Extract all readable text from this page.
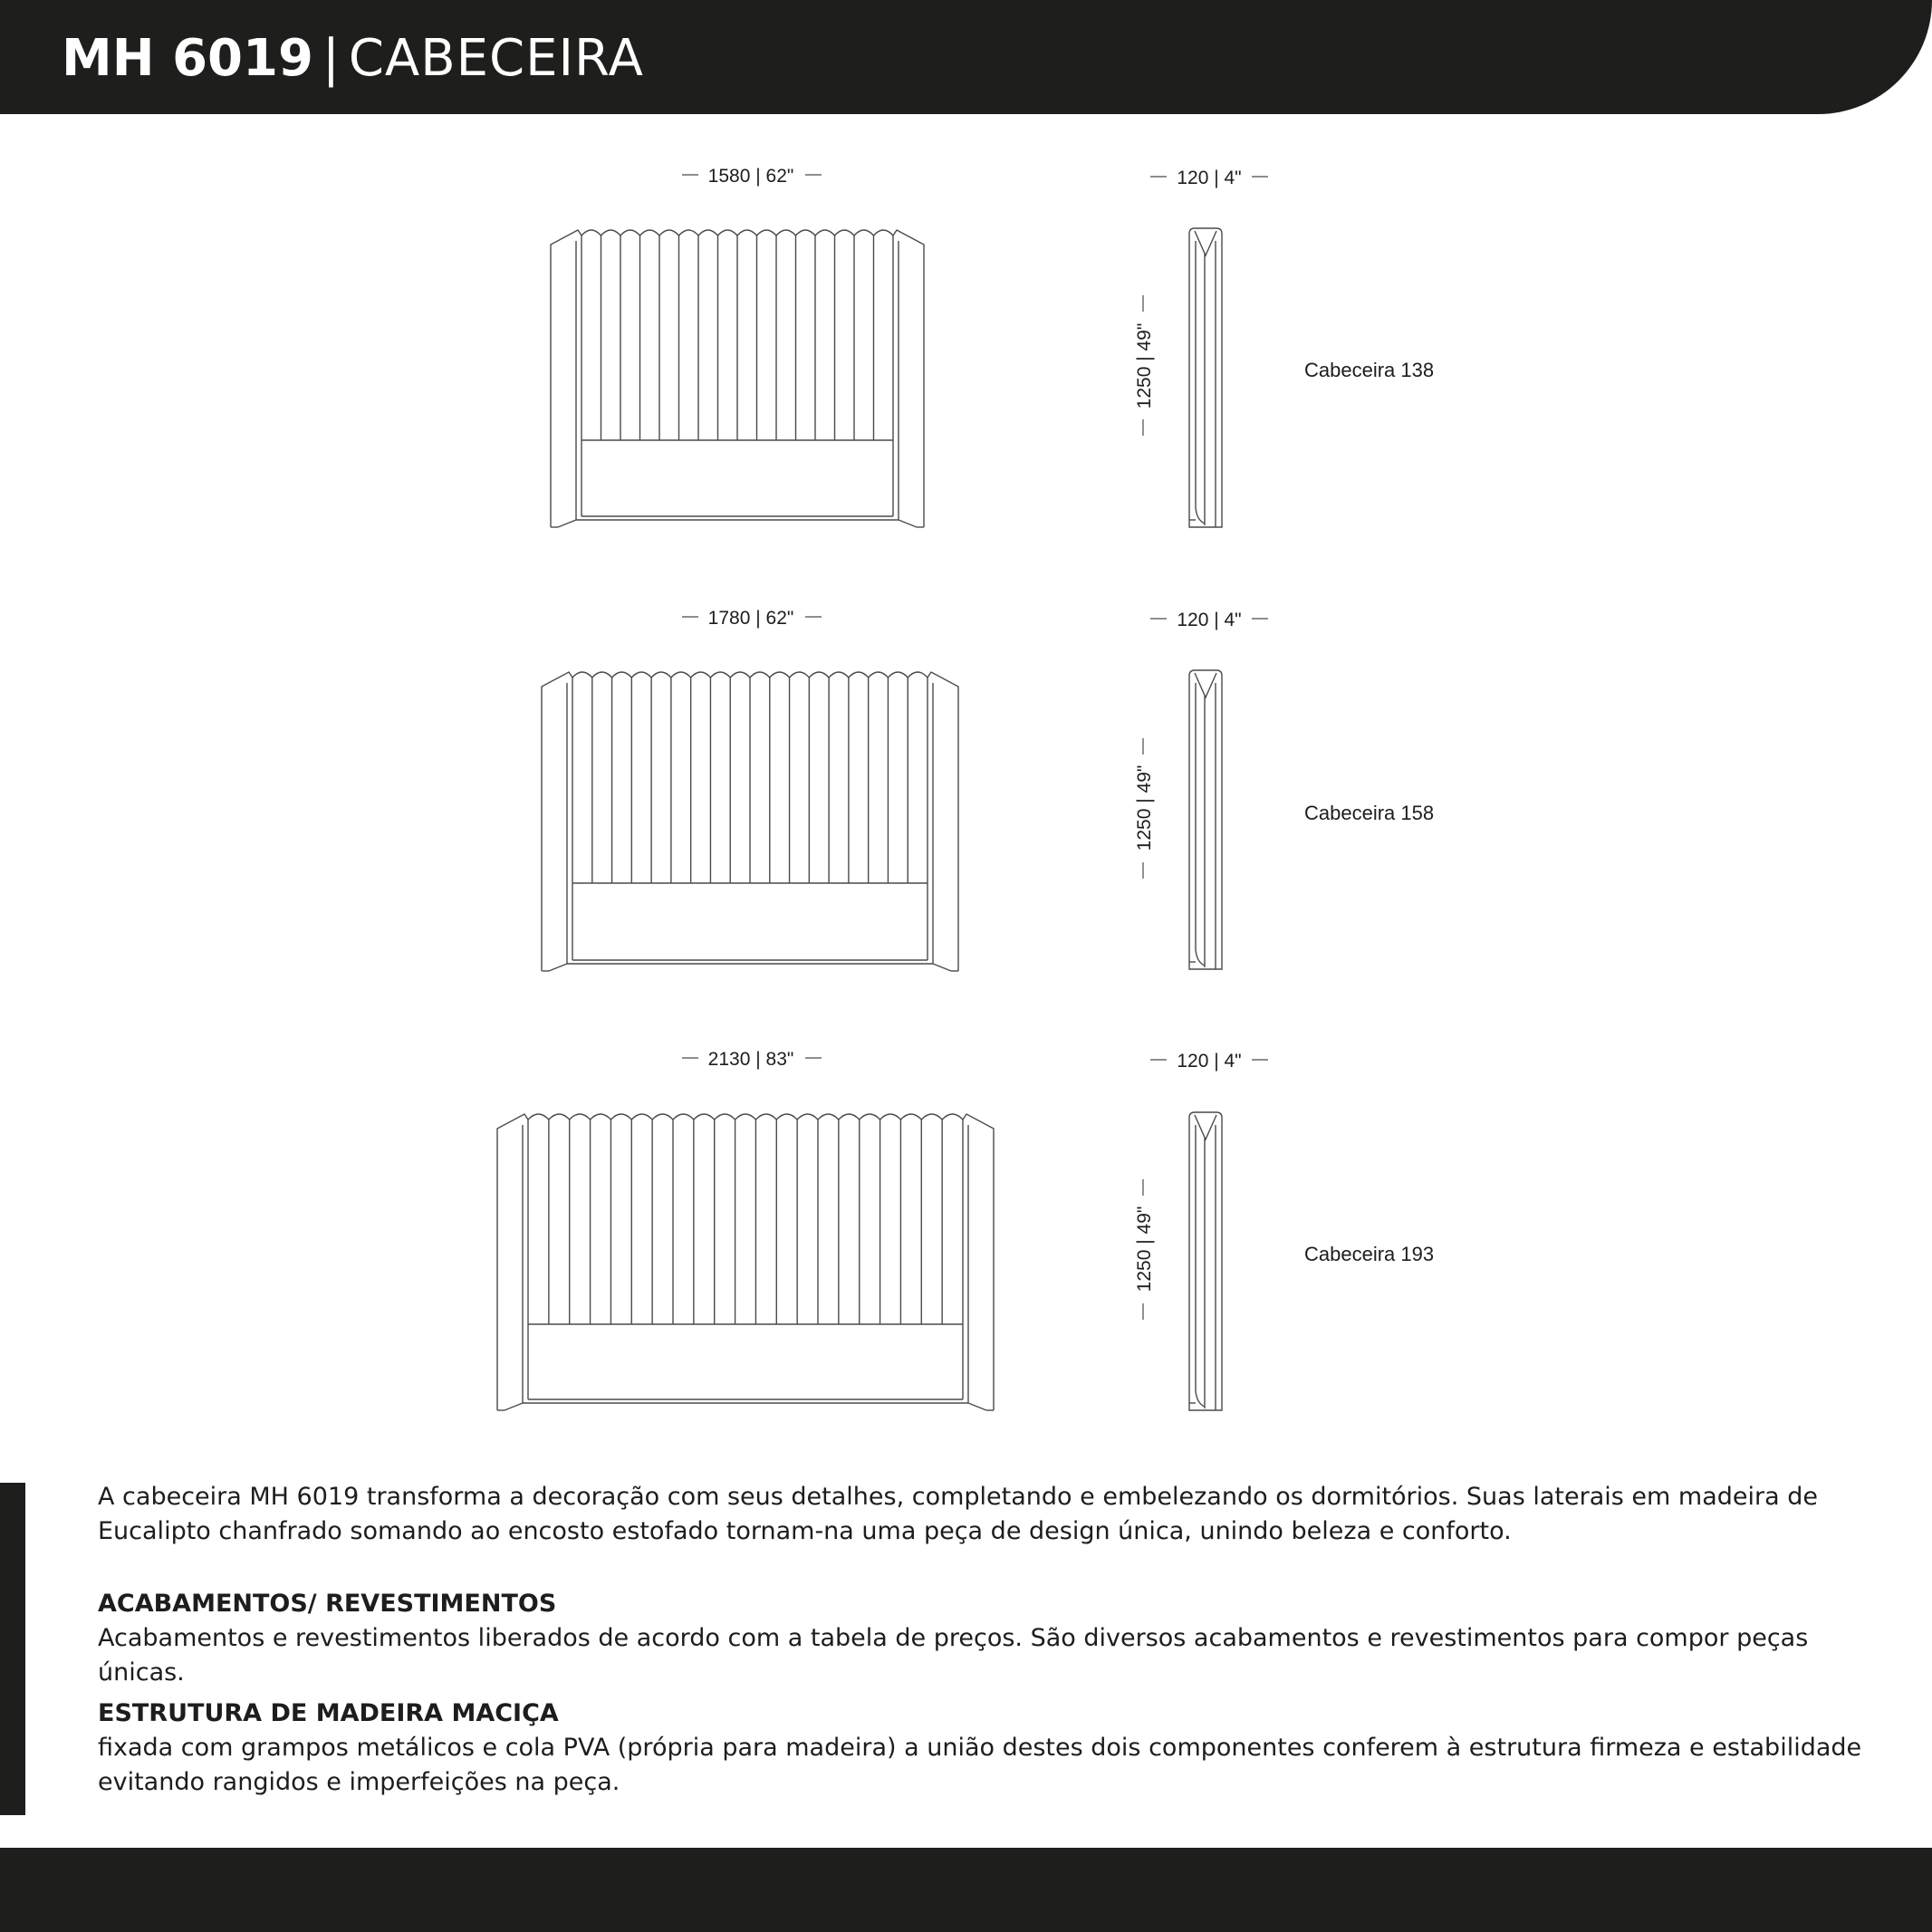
MH 6019 | CABECEIRA
1580 | 62"	120 | 4"
1250 | 49"	Cabeceira 138
1780 | 62"	120 | 4"
1250 | 49"	Cabeceira 158
2130 | 83"	120 | 4"
1250 | 49"	Cabeceira 193

A cabeceira MH 6019 transforma a decoração com seus detalhes, completando e embelezando os dormitórios. Suas laterais em madeira de Eucalipto chanfrado somando ao encosto estofado tornam-na uma peça de design única, unindo beleza e conforto.

ACABAMENTOS/ REVESTIMENTOS

Acabamentos e revestimentos liberados de acordo com a tabela de preços. São diversos acabamentos e revestimentos para compor peças únicas.

ESTRUTURA DE MADEIRA MACIÇA

fixada com grampos metálicos e cola PVA (própria para madeira) a união destes dois componentes conferem à estrutura firmeza e estabilidade evitando rangidos e imperfeições na peça.
